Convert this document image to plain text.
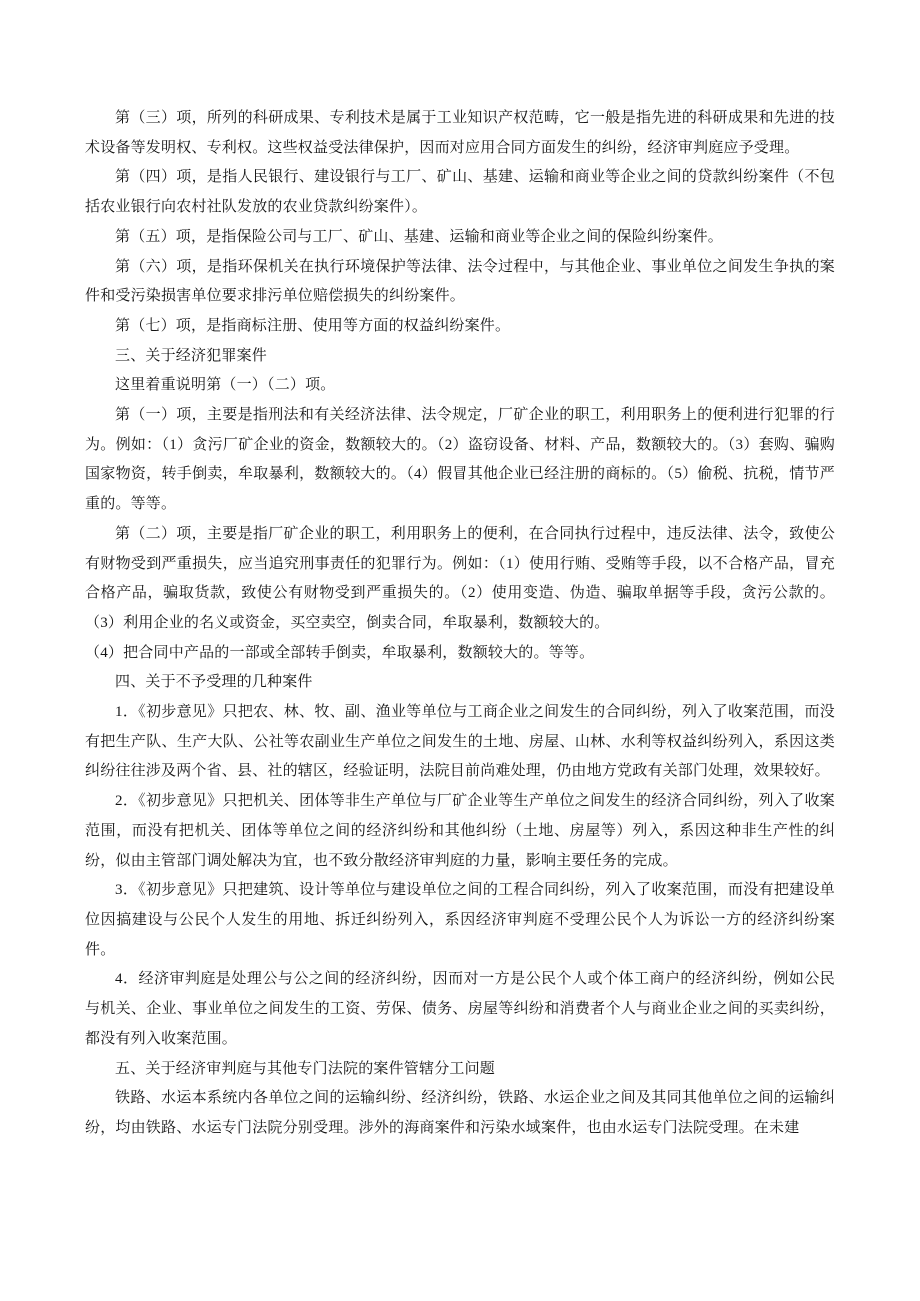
第（三）项，所列的科研成果、专利技术是属于工业知识产权范畴，它一般是指先进的科研成果和先进的技术设备等发明权、专利权。这些权益受法律保护，因而对应用合同方面发生的纠纷，经济审判庭应予受理。

第（四）项，是指人民银行、建设银行与工厂、矿山、基建、运输和商业等企业之间的贷款纠纷案件（不包括农业银行向农村社队发放的农业贷款纠纷案件）。

第（五）项，是指保险公司与工厂、矿山、基建、运输和商业等企业之间的保险纠纷案件。

第（六）项，是指环保机关在执行环境保护等法律、法令过程中，与其他企业、事业单位之间发生争执的案件和受污染损害单位要求排污单位赔偿损失的纠纷案件。

第（七）项，是指商标注册、使用等方面的权益纠纷案件。

三、关于经济犯罪案件

这里着重说明第（一）（二）项。

第（一）项，主要是指刑法和有关经济法律、法令规定，厂矿企业的职工，利用职务上的便利进行犯罪的行为。例如：（1）贪污厂矿企业的资金，数额较大的。（2）盗窃设备、材料、产品，数额较大的。（3）套购、骗购国家物资，转手倒卖，牟取暴利，数额较大的。（4）假冒其他企业已经注册的商标的。（5）偷税、抗税，情节严重的。等等。

第（二）项，主要是指厂矿企业的职工，利用职务上的便利，在合同执行过程中，违反法律、法令，致使公有财物受到严重损失，应当追究刑事责任的犯罪行为。例如：（1）使用行贿、受贿等手段，以不合格产品，冒充合格产品，骗取货款，致使公有财物受到严重损失的。（2）使用变造、伪造、骗取单据等手段，贪污公款的。（3）利用企业的名义或资金，买空卖空，倒卖合同，牟取暴利，数额较大的。

（4）把合同中产品的一部或全部转手倒卖，牟取暴利，数额较大的。等等。

四、关于不予受理的几种案件

1．《初步意见》只把农、林、牧、副、渔业等单位与工商企业之间发生的合同纠纷，列入了收案范围，而没有把生产队、生产大队、公社等农副业生产单位之间发生的土地、房屋、山林、水利等权益纠纷列入，系因这类纠纷往往涉及两个省、县、社的辖区，经验证明，法院目前尚难处理，仍由地方党政有关部门处理，效果较好。

2．《初步意见》只把机关、团体等非生产单位与厂矿企业等生产单位之间发生的经济合同纠纷，列入了收案范围，而没有把机关、团体等单位之间的经济纠纷和其他纠纷（土地、房屋等）列入，系因这种非生产性的纠纷，似由主管部门调处解决为宜，也不致分散经济审判庭的力量，影响主要任务的完成。

3．《初步意见》只把建筑、设计等单位与建设单位之间的工程合同纠纷，列入了收案范围，而没有把建设单位因搞建设与公民个人发生的用地、拆迁纠纷列入，系因经济审判庭不受理公民个人为诉讼一方的经济纠纷案件。

4．经济审判庭是处理公与公之间的经济纠纷，因而对一方是公民个人或个体工商户的经济纠纷，例如公民与机关、企业、事业单位之间发生的工资、劳保、债务、房屋等纠纷和消费者个人与商业企业之间的买卖纠纷，都没有列入收案范围。

五、关于经济审判庭与其他专门法院的案件管辖分工问题

铁路、水运本系统内各单位之间的运输纠纷、经济纠纷，铁路、水运企业之间及其同其他单位之间的运输纠纷，均由铁路、水运专门法院分别受理。涉外的海商案件和污染水域案件，也由水运专门法院受理。在未建
